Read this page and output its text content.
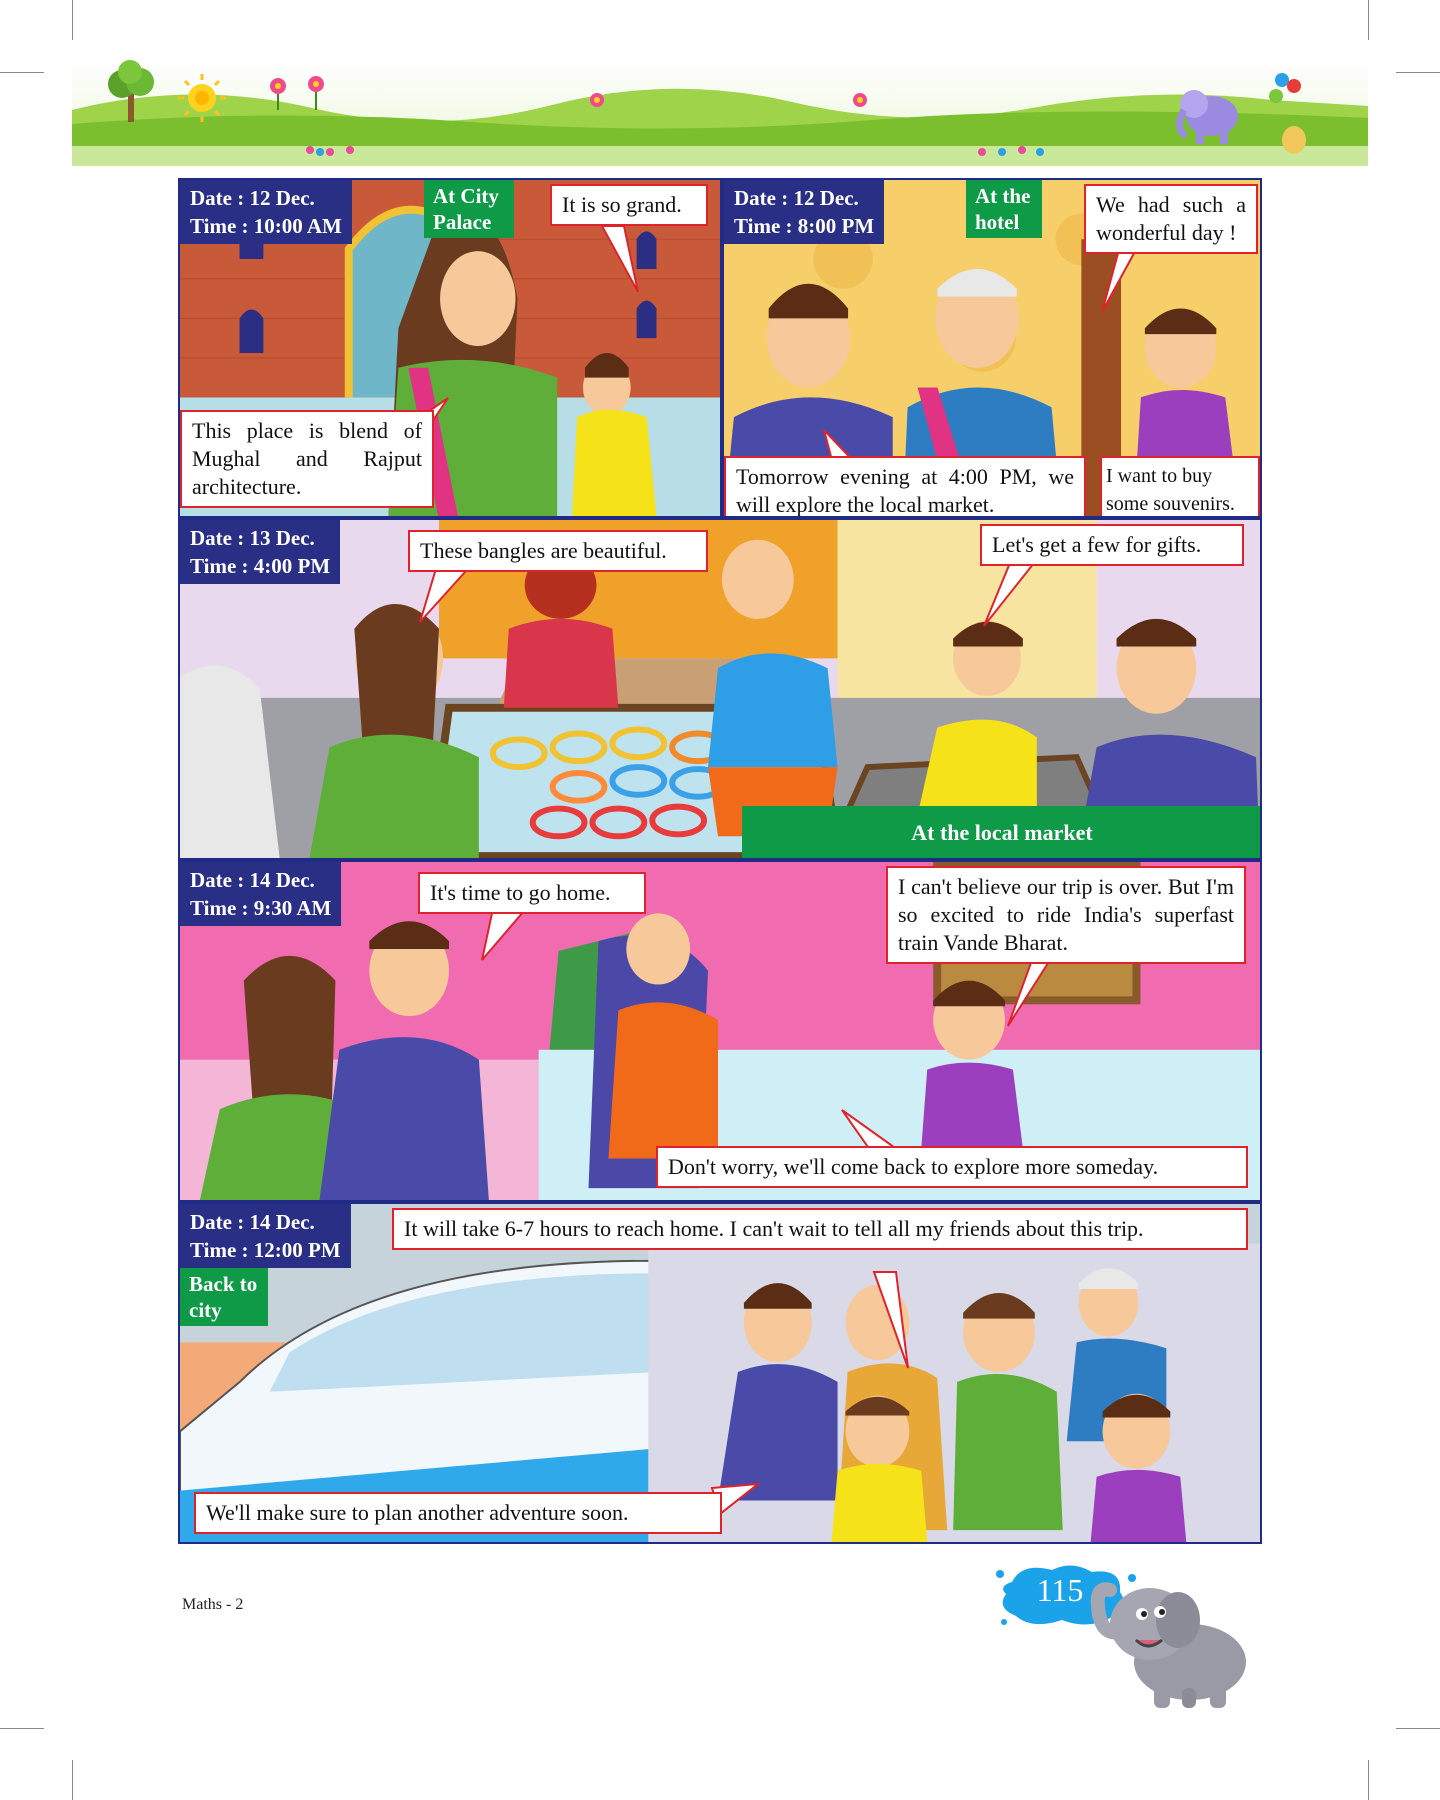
Date : 12 Dec.
Time : 10:00 AM
At City Palace
It is so grand.
This place is blend of Mughal and Rajput architecture.
Date : 12 Dec.
Time : 8:00 PM
At the hotel
We had such a wonderful day !
Tomorrow evening at 4:00 PM, we will explore the local market.
I want to buy some souvenirs.
Date : 13 Dec.
Time : 4:00 PM
These bangles are beautiful.	Let's get a few for gifts.
At the local market
Date : 14 Dec.
Time : 9:30 AM
It's time to go home.	I can't believe our trip is over. But I'm so excited to ride India's superfast train Vande Bharat.
Don't worry, we'll come back to explore more someday.
Date : 14 Dec.
Time : 12:00 PM
Back to city
It will take 6-7 hours to reach home. I can't wait to tell all my friends about this trip.
We'll make sure to plan another adventure soon.
Maths - 2	115
